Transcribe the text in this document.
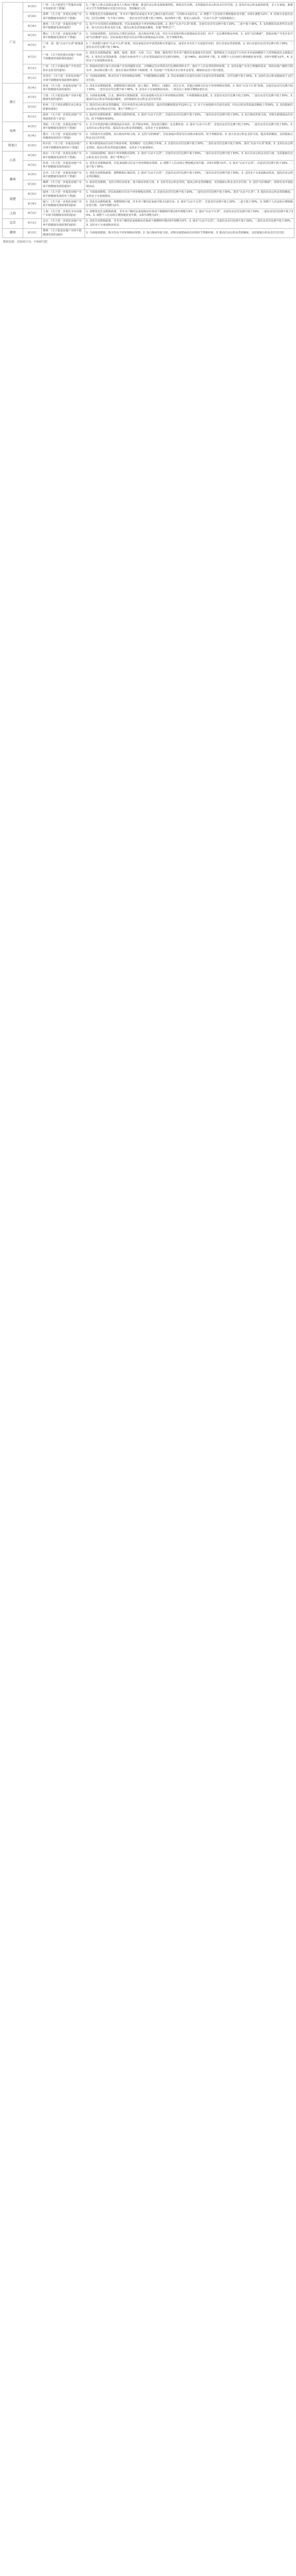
广东	9月5日	广州：《关于推进生产性服务业提升发展的若干措施》	1. 户籍人口和合法稳定就业人口购房不限制，推进住房公积金提取便利化，降低首付比例，支持提取住房公积金支付首付款。2. 优化住房公积金使用政策，多子女家庭、新就业大学生等群体购买首套自住住房，贷款额度上浮。
	9月4日	深圳：《关于进一步优化房地产市场平稳健康发展的若干措施》	1. 调整优化住房限购政策，非本市户籍居民家庭在本市已拥有1套住房的，可再购买1套住房。2. 调整个人住房转让增值税征免年限，由5年调整为2年。3. 对购买首套住房的，首付比例统一为不低于20%，二套住房首付比例不低于30%，取消利率下限，优化认房标准，“认房不认贷”全面落地执行。
	9月4日	惠州：《关于进一步促进房地产市场平稳健康发展的通知》	1. 放开全市范围住房限购政策，居民家庭购房不再审核购房资格。2. 落实“认房不认贷”政策，首套住房首付比例不低于20%，二套不低于30%。3. 支持刚需及改善性住房需求，加大住房公积金支持力度，提高公积金贷款最高额度，实施“带押过户”。
	9月3日	佛山：《关于进一步促进房地产市场平稳健康发展的若干措施》	1. 全面取消限购，支持居民合理住房需求，加大购房补贴力度，对在全市范围内购买新建商品住房的，给予一定比例的购房补贴。2. 支持“以旧换新”，鼓励房地产开发企业开展“以旧换新”活动，居民家庭出售原有住房并购买新建商品住房的，给予契税补贴。
	9月3日	广州：第一批“认房不认贷”政策落实	1. 广州各银行落实“认房不认贷”政策，居民家庭首次申请贷款购买普通住房，或者在本市名下无成套住房的，执行首套房贷款政策。2. 执行首套住房首付比例不低于30%，二套住房首付比例不低于40%。
	9月2日	广州：《关于优化我市房地产市场平稳健康发展政策的通知》	1. 优化住房限购政策，越秀、海珠、荔湾、天河、白云、黄埔、番禺等区非本市户籍居民家庭购买住房的，提供购房之日前12个月内在本市连续缴纳个人所得税或社会保险证明。2. 优化住房贷款政策，首套住房商业性个人住房贷款最低首付比例为30%，二套为40%，取消利率下限。3. 调整个人住房转让增值税征免年限，由5年调整为2年。4. 支持多子女家庭购房需求。
	9月1日	广州：《关于实施房地产开发项目资本金监管的通知》	1. 鼓励商业银行加大对房地产企业的融资支持，合理确定住房贷款首付比例和利率水平，落实个人住房贷款利率政策。2. 支持房地产企业合理融资需求，保持房地产融资平稳有序，推动保交楼工作，落实存量房贷利率下调政策。3. 对房地产开发项目实行资本金监管，确保资金用于项目建设。
	9月1日	东莞市：《关于进一步优化房地产市场平稳健康发展政策的通知》	1. 全面取消限购，购买住房不再审核购房资格，不再限制购房套数。2. 居民家庭购买首套住房执行首套住房贷款政策，首付比例不低于20%。3. 支持住房公积金提取用于支付首付款。
浙江	9月4日	杭州：《关于进一步促进房地产市场平稳健康发展的通知》	1. 优化住房限购政策，调整限购区域范围，除上城区、拱墅区、西湖区、滨江区外，其他区域购买住房不再审核购房资格。2. 落实“认房不认贷”政策，首套住房首付比例不低于30%，二套住房首付比例不低于40%。3. 支持多子女家庭购房需求，二孩及以上家庭可增购1套住房。
	9月3日	宁波：《关于促进房地产市场平稳健康发展的通知》	1. 全面取消海曙、江北、鄞州等区限购政策，居民家庭购买住房不再审核购房资格，不再限制购房套数。2. 首套住房首付比例不低于20%，二套住房首付比例不低于30%。3. 提高住房公积金贷款最高额度，支持提取住房公积金支付首付款。
	9月2日	杭州：《关于优化调整住房公积金政策的通知》	1. 提高住房公积金贷款额度，首次申请住房公积金贷款的，最高贷款额度提高至120万元。2. 多子女家庭购买首套住房的，住房公积金贷款最高额度上浮20%。3. 支持提取住房公积金支付购房首付款，推行“带押过户”。
	9月1日	温州：《关于进一步优化房地产市场政策的若干意见》	1. 取消住房限购政策，调整住房限售政策。2. 落实“认房不认贷”，首套住房首付比例不低于20%，二套住房首付比例不低于30%。3. 加大购房补贴力度，对购买新建商品住房的，给予契税补贴50%。
贵州	9月5日	贵阳：《关于进一步促进房地产市场平稳健康发展的若干措施》	1. 在全市范围内购买新建商品住房的，给予购房补贴，按房款总额的一定比例发放。2. 落实“认房不认贷”，首套住房首付比例不低于20%，二套住房首付比例不低于30%。3. 支持住房公积金贷款，提高住房公积金贷款额度，支持多子女家庭购房。
	9月4日	遵义：《关于进一步促进房地产市场健康发展的若干措施》	1. 全面放开住房限购，加大购房补贴力度。2. 支持“以旧换新”，居民家庭出售原有住房购买新房的，给予契税补贴。3. 加大住房公积金支持力度，提高贷款额度，支持提取公积金支付首付款。
黑龙江	9月5日	哈尔滨：《关于进一步促进房地产市场平稳健康发展的若干措施》	1. 购买新建商品住房给予购房补贴，按契税的一定比例给予补贴。2. 首套住房首付比例不低于20%，二套住房首付比例不低于30%，落实“认房不认贷”政策。3. 支持住房公积金贷款，提高公积金贷款最高额度，支持多子女家庭购房。
江苏	9月4日	南京：《关于进一步优化房地产市场平稳健康发展的若干措施》	1. 全面取消限购，购房不再审核购房资格。2. 落实“认房不认贷”，首套住房首付比例不低于20%，二套住房首付比例不低于30%。3. 加大住房公积金支持力度，支持提取住房公积金支付首付款，推行“带押过户”。
	9月3日	苏州：《关于进一步促进房地产市场平稳健康发展的通知》	1. 优化住房限购政策，居民家庭购买住房不再审核购房资格。2. 调整个人住房转让增值税征免年限，由5年调整为2年。3. 落实“认房不认贷”，首套首付比例不低于20%，二套不低于30%。
湖南	9月5日	长沙：《关于进一步促进房地产市场平稳健康发展的若干措施》	1. 优化住房限购政策，调整限购区域范围。2. 落实“认房不认贷”，首套住房首付比例不低于20%，二套住房首付比例不低于30%。3. 支持多子女家庭购房需求，提高住房公积金贷款额度。
	9月4日	湘潭：《关于进一步促进房地产市场平稳健康发展的通知》	1. 取消住房限购，支持合理住房需求，加大购房补贴力度。2. 支持住房公积金贷款，提高公积金贷款额度，支持提取公积金支付首付款。3. 支持“以旧换新”，鼓励企业开展促销活动。
福建	9月5日	福州：《关于进一步促进房地产市场平稳健康发展的若干措施》	1. 全面取消限购，居民家庭购买住房不再审核购房资格。2. 首套住房首付比例不低于20%，二套住房首付比例不低于30%，落实“认房不认贷”。3. 提高住房公积金贷款额度，支持多子女家庭购房。
	9月4日	厦门：《关于进一步优化房地产市场平稳健康发展政策的通知》	1. 优化住房限购政策，调整限购区域，非本市户籍居民家庭可购买1套住房。2. 落实“认房不认贷”，首套首付比例不低于20%，二套不低于30%。3. 调整个人住房转让增值税征免年限，由5年调整为2年。
上海	9月2日	上海：《关于进一步优化本市房地产市场平稳健康发展的通知》	1. 调整优化住房限购政策，非本市户籍居民家庭购房社保或个税缴纳年限由5年调整为3年。2. 落实“认房不认贷”，首套住房首付比例不低于20%，二套住房首付比例不低于30%。3. 调整个人住房转让增值税征免年限，由5年调整为2年。
北京	9月1日	北京：《关于进一步优化房地产市场平稳健康发展政策的通知》	1. 优化住房限购政策，非本市户籍居民家庭购房社保或个税缴纳年限由5年调整为3年。2. 落实“认房不认贷”，首套住房首付比例不低于20%，二套住房首付比例不低于30%。3. 支持多子女家庭购房需求。
湖南	9月2日	株洲：《关于促进房地产市场平稳健康发展的通知》	1. 全面取消限购，购买住房不再审核购房资格。2. 加大购房补贴力度，对购买新建商品住房的给予契税补贴。3. 提高住房公积金贷款额度，支持提取公积金支付首付款。
数据来源：国家统计局、中指研究院
